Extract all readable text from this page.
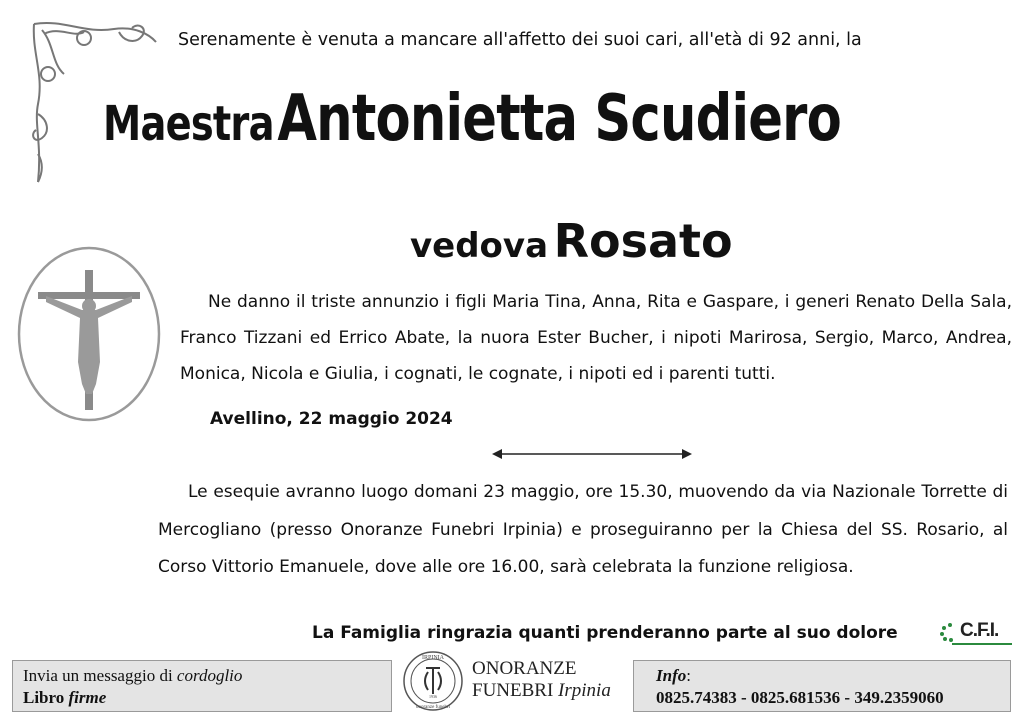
Serenamente è venuta a mancare all'affetto dei suoi cari, all'età di 92 anni, la
Maestra Antonietta Scudiero
vedova Rosato
Ne danno il triste annunzio i figli Maria Tina, Anna, Rita e Gaspare, i generi Renato Della Sala, Franco Tizzani ed Errico Abate, la nuora Ester Bucher, i nipoti Marirosa, Sergio, Marco, Andrea, Monica, Nicola e Giulia, i cognati, le cognate, i nipoti ed i parenti tutti.
Avellino, 22 maggio 2024
Le esequie avranno luogo domani 23 maggio, ore 15.30, muovendo da via Nazionale Torrette di Mercogliano (presso Onoranze Funebri Irpinia) e proseguiranno per la Chiesa del SS. Rosario, al Corso Vittorio Emanuele, dove alle ore 16.00, sarà celebrata la funzione religiosa.
La Famiglia ringrazia quanti prenderanno parte al suo dolore	C.F.I.
Invia un messaggio di cordoglio
Libro firme
IRPINIA
onoranze funebri
1936
ONORANZE
FUNEBRI Irpinia
Info:
0825.74383 - 0825.681536 - 349.2359060
